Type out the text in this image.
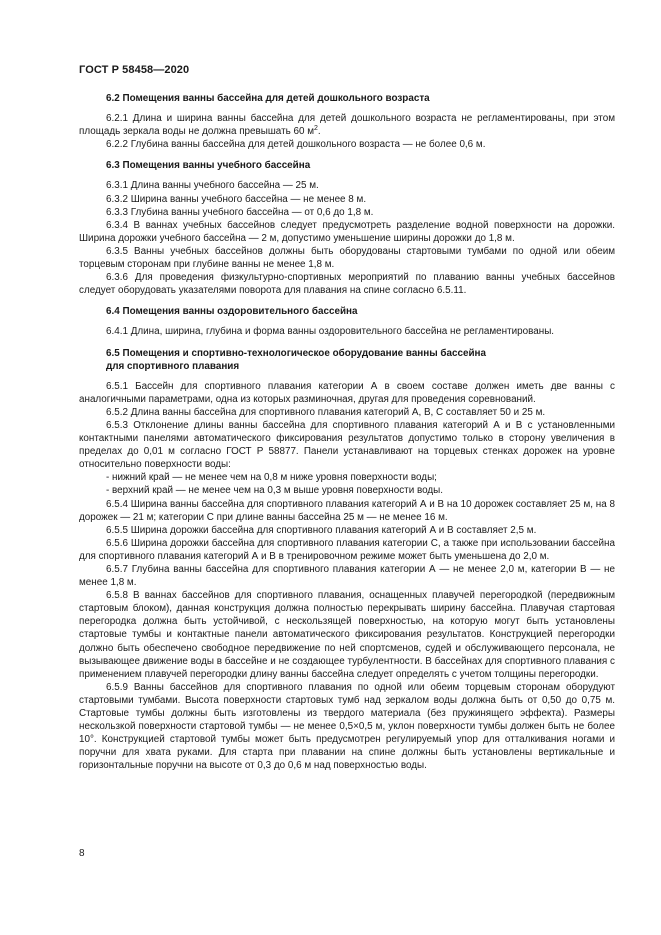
ГОСТ Р 58458—2020

6.2 Помещения ванны бассейна для детей дошкольного возраста

6.2.1 Длина и ширина ванны бассейна для детей дошкольного возраста не регламентированы, при этом площадь зеркала воды не должна превышать 60 $м^2$.

6.2.2 Глубина ванны бассейна для детей дошкольного возраста — не более 0,6 м.

6.3 Помещения ванны учебного бассейна

6.3.1 Длина ванны учебного бассейна — 25 м.

6.3.2 Ширина ванны учебного бассейна — не менее 8 м.

6.3.3 Глубина ванны учебного бассейна — от 0,6 до 1,8 м.

6.3.4 В ваннах учебных бассейнов следует предусмотреть разделение водной поверхности на дорожки. Ширина дорожки учебного бассейна — 2 м, допустимо уменьшение ширины дорожки до 1,8 м.

6.3.5 Ванны учебных бассейнов должны быть оборудованы стартовыми тумбами по одной или обеим торцевым сторонам при глубине ванны не менее 1,8 м.

6.3.6 Для проведения физкультурно-спортивных мероприятий по плаванию ванны учебных бассейнов следует оборудовать указателями поворота для плавания на спине согласно 6.5.11.

6.4 Помещения ванны оздоровительного бассейна

6.4.1 Длина, ширина, глубина и форма ванны оздоровительного бассейна не регламентированы.

6.5 Помещения и спортивно-технологическое оборудование ванны бассейна
для спортивного плавания

6.5.1 Бассейн для спортивного плавания категории А в своем составе должен иметь две ванны с аналогичными параметрами, одна из которых разминочная, другая для проведения соревнований.

6.5.2 Длина ванны бассейна для спортивного плавания категорий А, В, С составляет 50 и 25 м.

6.5.3 Отклонение длины ванны бассейна для спортивного плавания категорий А и В с установленными контактными панелями автоматического фиксирования результатов допустимо только в сторону увеличения в пределах до 0,01 м согласно ГОСТ Р 58877. Панели устанавливают на торцевых стенках дорожек на уровне относительно поверхности воды:

- нижний край — не менее чем на 0,8 м ниже уровня поверхности воды;

- верхний край — не менее чем на 0,3 м выше уровня поверхности воды.

6.5.4 Ширина ванны бассейна для спортивного плавания категорий А и В на 10 дорожек составляет 25 м, на 8 дорожек — 21 м; категории С при длине ванны бассейна 25 м — не менее 16 м.

6.5.5 Ширина дорожки бассейна для спортивного плавания категорий А и В составляет 2,5 м.

6.5.6 Ширина дорожки бассейна для спортивного плавания категории С, а также при использовании бассейна для спортивного плавания категорий А и В в тренировочном режиме может быть уменьшена до 2,0 м.

6.5.7 Глубина ванны бассейна для спортивного плавания категории А — не менее 2,0 м, категории В — не менее 1,8 м.

6.5.8 В ваннах бассейнов для спортивного плавания, оснащенных плавучей перегородкой (передвижным стартовым блоком), данная конструкция должна полностью перекрывать ширину бассейна. Плавучая стартовая перегородка должна быть устойчивой, с нескользящей поверхностью, на которую могут быть установлены стартовые тумбы и контактные панели автоматического фиксирования результатов. Конструкцией перегородки должно быть обеспечено свободное передвижение по ней спортсменов, судей и обслуживающего персонала, не вызывающее движение воды в бассейне и не создающее турбулентности. В бассейнах для спортивного плавания с применением плавучей перегородки длину ванны бассейна следует определять с учетом толщины перегородки.

6.5.9 Ванны бассейнов для спортивного плавания по одной или обеим торцевым сторонам оборудуют стартовыми тумбами. Высота поверхности стартовых тумб над зеркалом воды должна быть от 0,50 до 0,75 м. Стартовые тумбы должны быть изготовлены из твердого материала (без пружинящего эффекта). Размеры нескользкой поверхности стартовой тумбы — не менее 0,5×0,5 м, уклон поверхности тумбы должен быть не более 10°. Конструкцией стартовой тумбы может быть предусмотрен регулируемый упор для отталкивания ногами и поручни для хвата руками. Для старта при плавании на спине должны быть установлены вертикальные и горизонтальные поручни на высоте от 0,3 до 0,6 м над поверхностью воды.

8
